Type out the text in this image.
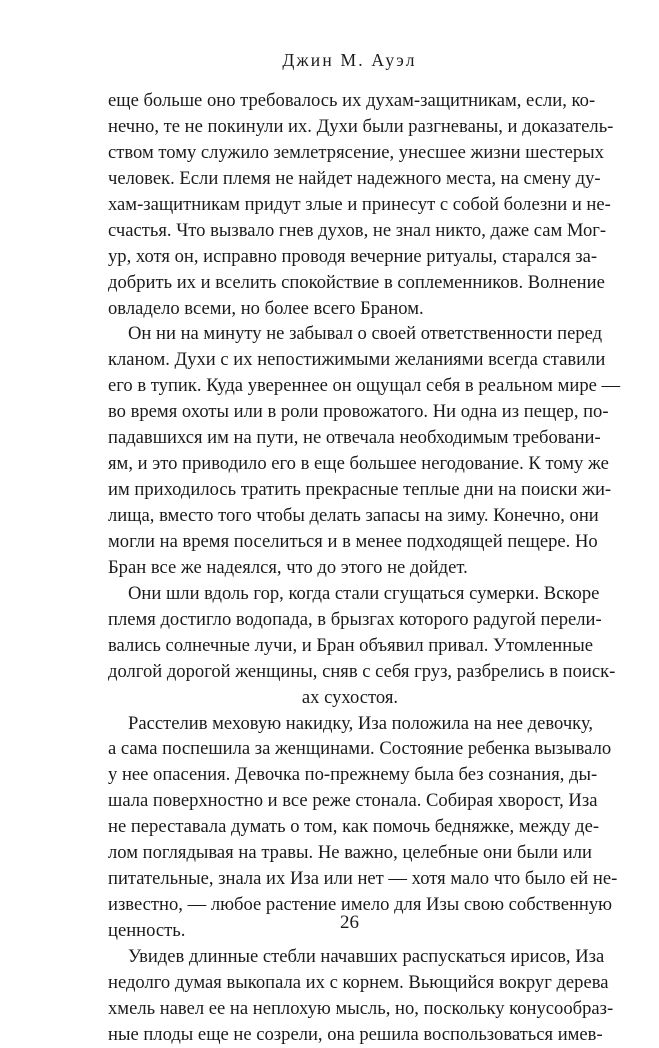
Джин М. Ауэл
еще больше оно требовалось их духам-защитникам, если, ко-
нечно, те не покинули их. Духи были разгневаны, и доказатель-
ством тому служило землетрясение, унесшее жизни шестерых
человек. Если племя не найдет надежного места, на смену ду-
хам-защитникам придут злые и принесут с собой болезни и не-
счастья. Что вызвало гнев духов, не знал никто, даже сам Мог-
ур, хотя он, исправно проводя вечерние ритуалы, старался за-
добрить их и вселить спокойствие в соплеменников. Волнение
овладело всеми, но более всего Браном.
Он ни на минуту не забывал о своей ответственности перед
кланом. Духи с их непостижимыми желаниями всегда ставили
его в тупик. Куда увереннее он ощущал себя в реальном мире —
во время охоты или в роли провожатого. Ни одна из пещер, по-
падавшихся им на пути, не отвечала необходимым требовани-
ям, и это приводило его в еще большее негодование. К тому же
им приходилось тратить прекрасные теплые дни на поиски жи-
лища, вместо того чтобы делать запасы на зиму. Конечно, они
могли на время поселиться и в менее подходящей пещере. Но
Бран все же надеялся, что до этого не дойдет.
Они шли вдоль гор, когда стали сгущаться сумерки. Вскоре
племя достигло водопада, в брызгах которого радугой перели-
вались солнечные лучи, и Бран объявил привал. Утомленные
долгой дорогой женщины, сняв с себя груз, разбрелись в поиск-
ах сухостоя.
Расстелив меховую накидку, Иза положила на нее девочку,
а сама поспешила за женщинами. Состояние ребенка вызывало
у нее опасения. Девочка по-прежнему была без сознания, ды-
шала поверхностно и все реже стонала. Собирая хворост, Иза
не переставала думать о том, как помочь бедняжке, между де-
лом поглядывая на травы. Не важно, целебные они были или
питательные, знала их Иза или нет — хотя мало что было ей не-
известно, — любое растение имело для Изы свою собственную
ценность.
Увидев длинные стебли начавших распускаться ирисов, Иза
недолго думая выкопала их с корнем. Вьющийся вокруг дерева
хмель навел ее на неплохую мысль, но, поскольку конусообраз-
ные плоды еще не созрели, она решила воспользоваться имев-
26
